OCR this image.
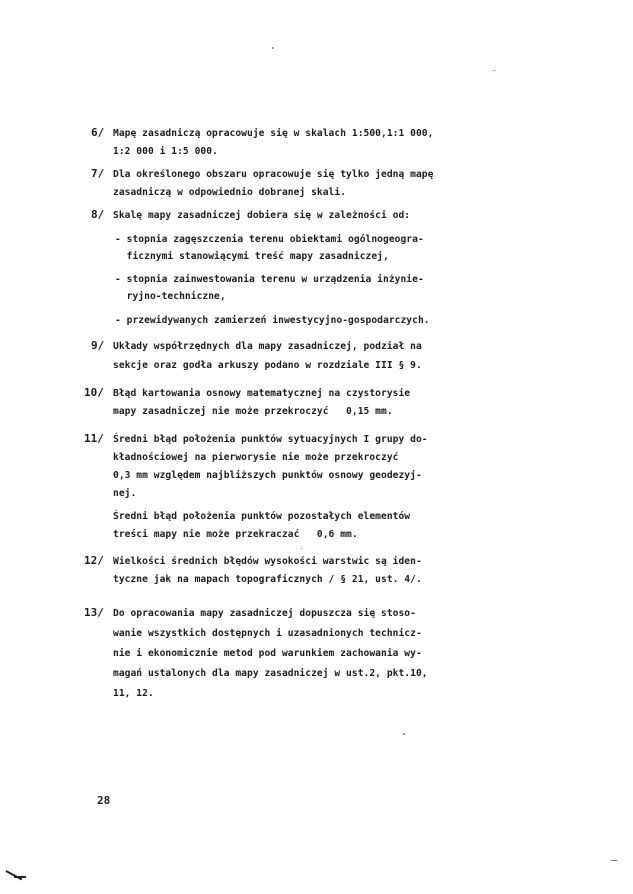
6/ Mapę zasadniczą opracowuje się w skalach 1:500,1:1 000,
1:2 000 i 1:5 000.
7/ Dla określonego obszaru opracowuje się tylko jedną mapę
zasadniczą w odpowiednio dobranej skali.
8/ Skalę mapy zasadniczej dobiera się w zależności od:
- stopnia zagęszczenia terenu obiektami ogólnogeogra-
ficznymi stanowiącymi treść mapy zasadniczej,
- stopnia zainwestowania terenu w urządzenia inżynie-
ryjno-techniczne,
- przewidywanych zamierzeń inwestycyjno-gospodarczych.
9/ Układy współrzędnych dla mapy zasadniczej, podział na
sekcje oraz godła arkuszy podano w rozdziale III § 9.
10/ Błąd kartowania osnowy matematycznej na czystorysie
mapy zasadniczej nie może przekroczyć   0,15 mm.
11/ Średni błąd położenia punktów sytuacyjnych I grupy do-
kładnościowej na pierworysie nie może przekroczyć
0,3 mm względem najbliższych punktów osnowy geodezyj-
nej.
Średni błąd położenia punktów pozostałych elementów
treści mapy nie może przekraczać   0,6 mm.
12/ Wielkości średnich błędów wysokości warstwic są iden-
tyczne jak na mapach topograficznych / § 21, ust. 4/.
13/ Do opracowania mapy zasadniczej dopuszcza się stoso-
wanie wszystkich dostępnych i uzasadnionych technicz-
nie i ekonomicznie metod pod warunkiem zachowania wy-
magań ustalonych dla mapy zasadniczej w ust.2, pkt.10,
11, 12.
28
